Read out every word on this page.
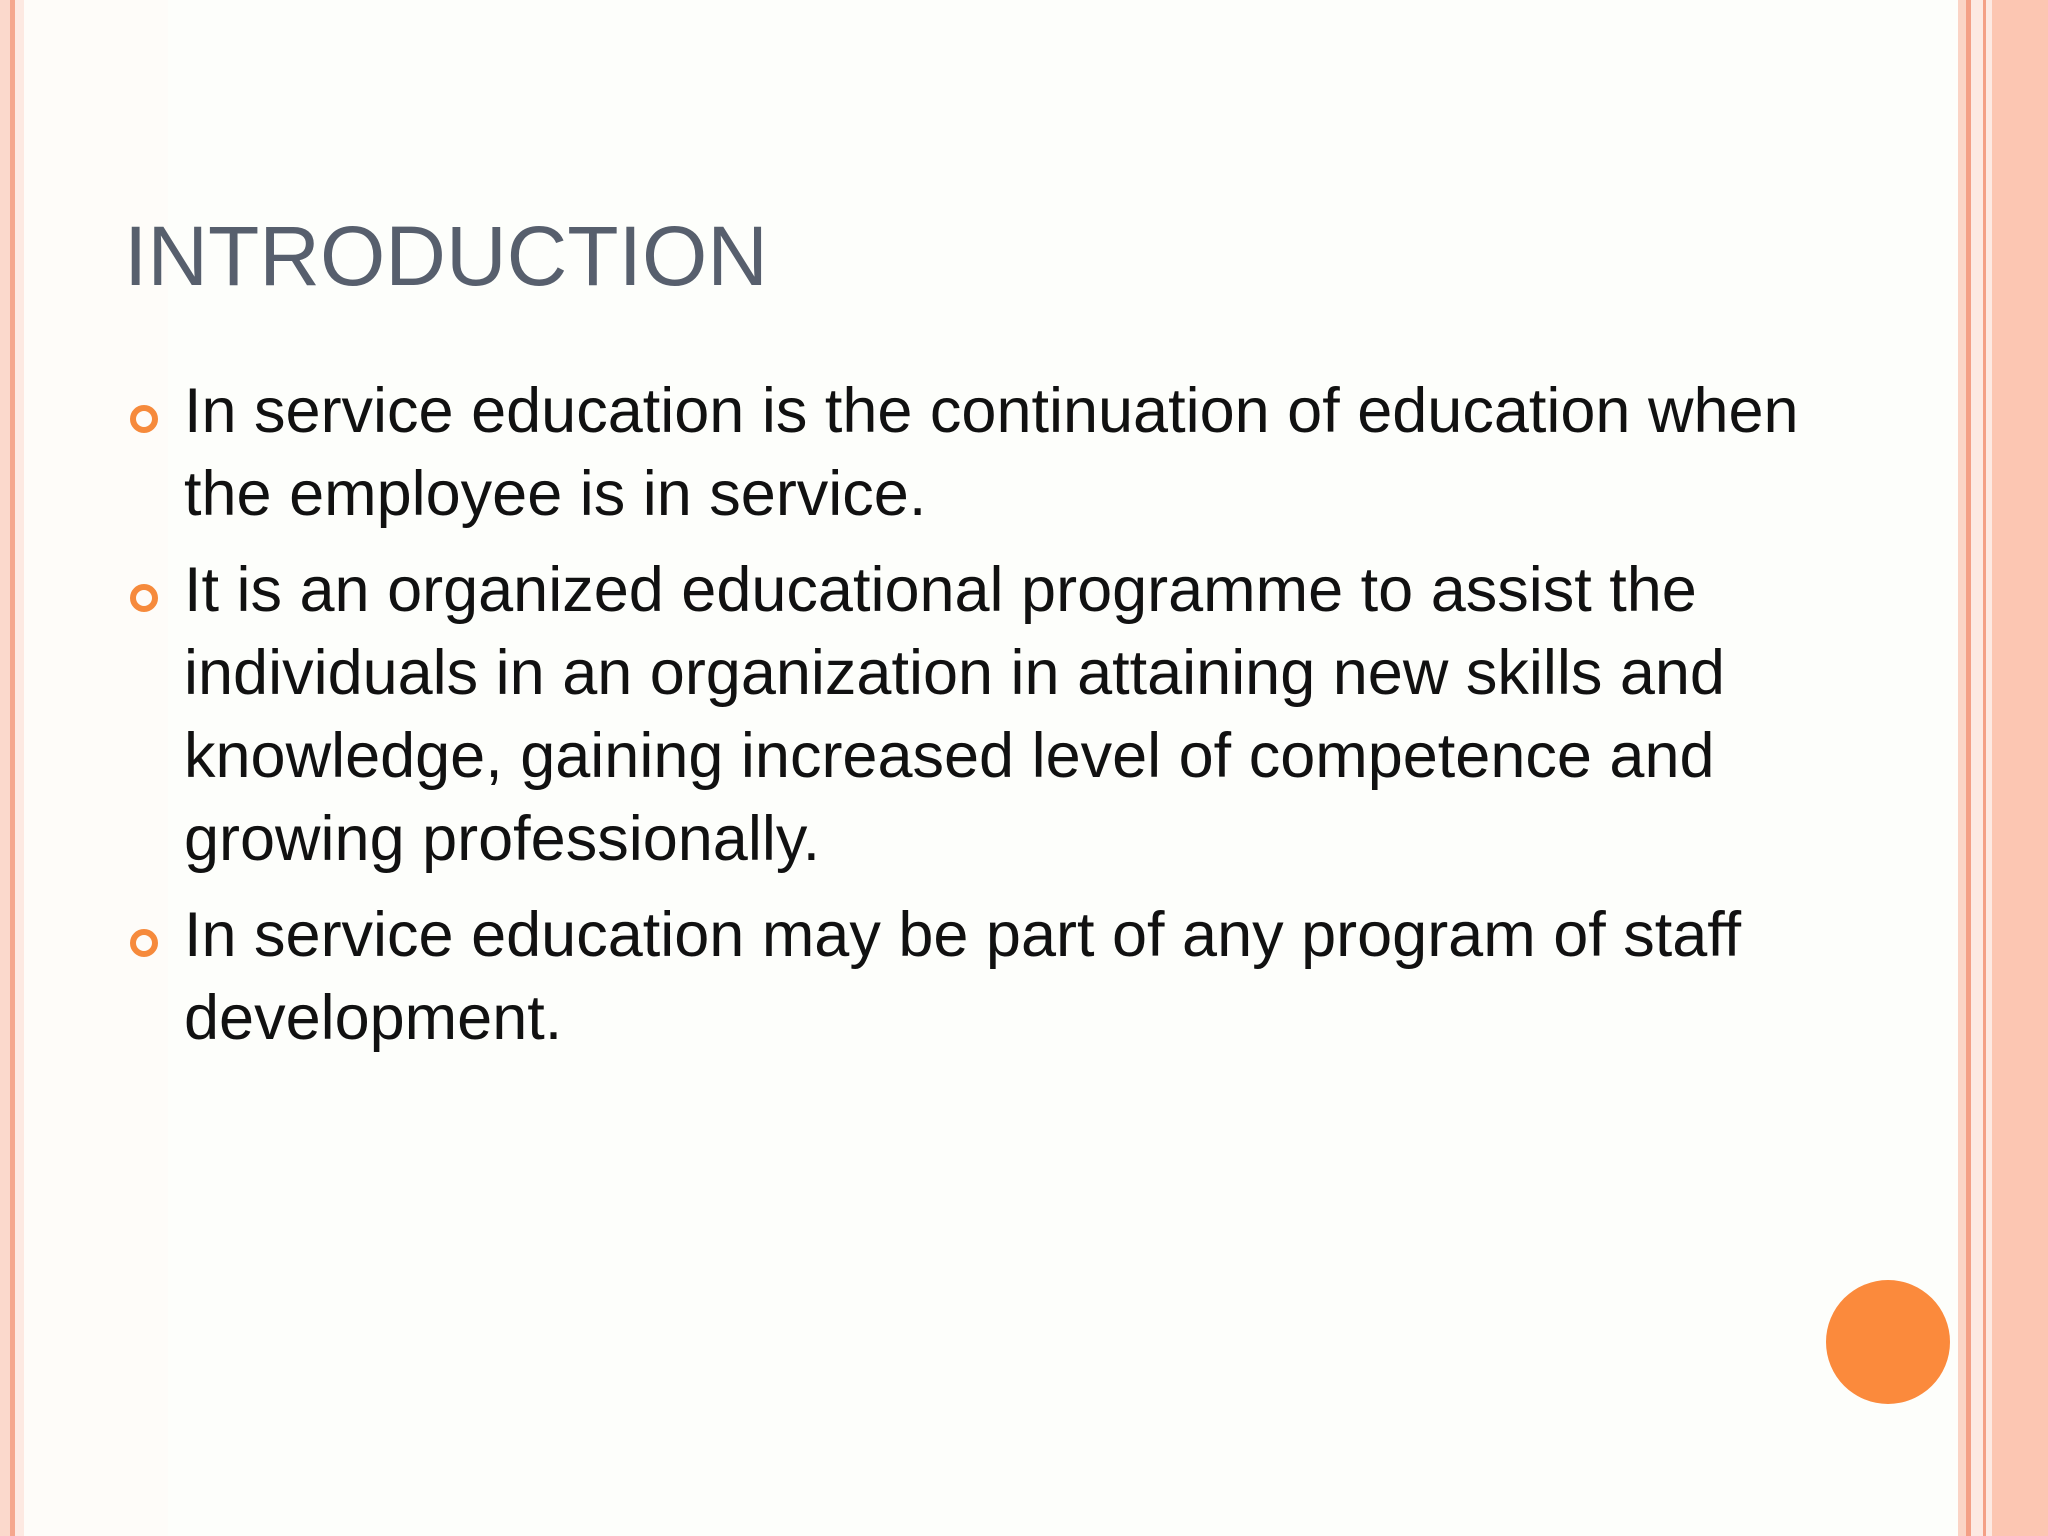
INTRODUCTION
In service education is the continuation of education when the employee is in service.
It is an organized educational programme to assist the individuals in an organization in attaining new skills and knowledge, gaining increased level of competence and growing professionally.
In service education may be part of any program of staff development.
